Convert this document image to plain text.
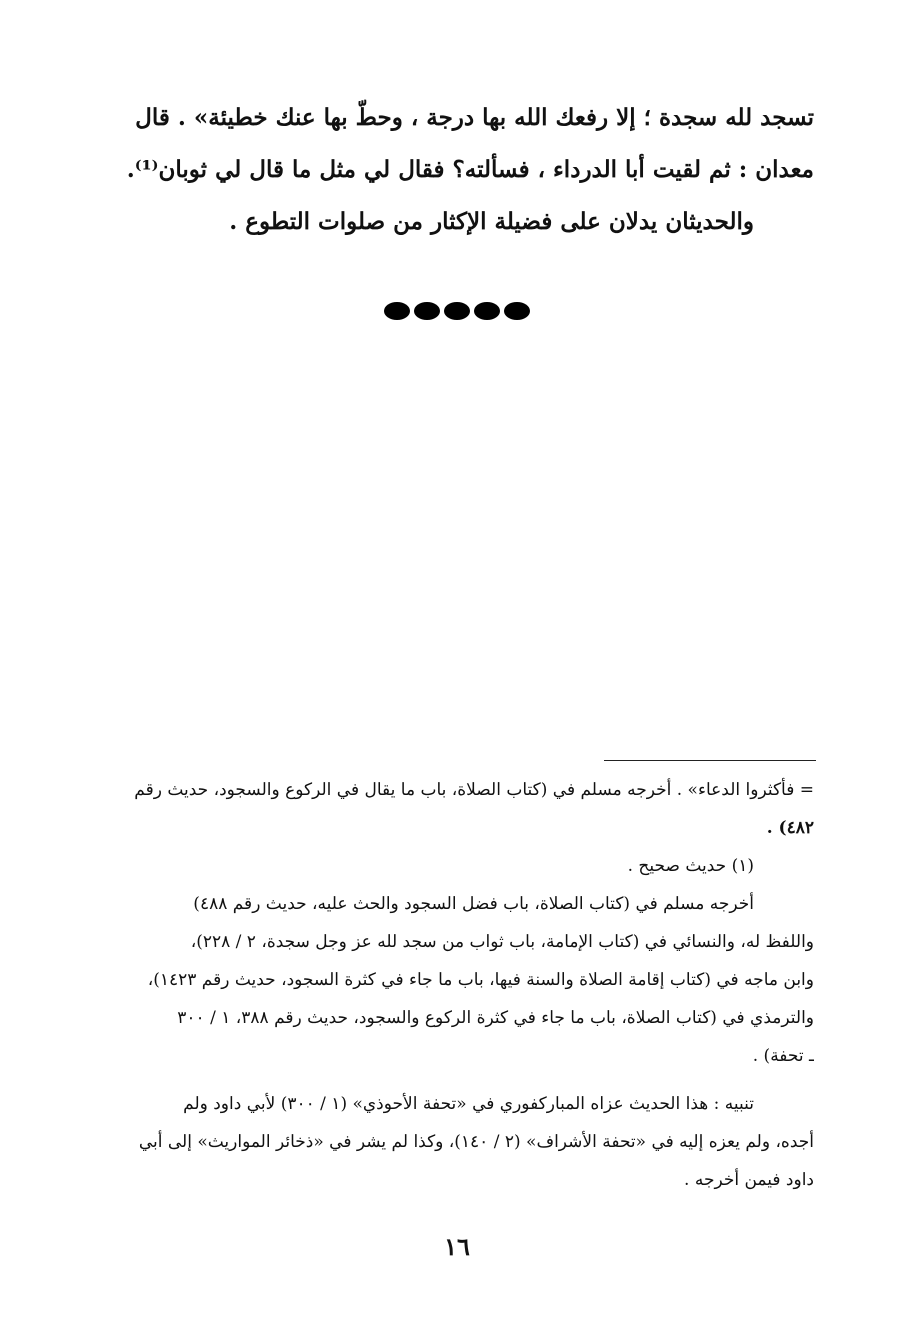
تسجد لله سجدة ؛ إلا رفعك الله بها درجة ، وحطّ بها عنك خطيئة» . قال
معدان : ثم لقيت أبا الدرداء ، فسألته؟ فقال لي مثل ما قال لي ثوبان⁽¹⁾.
والحديثان يدلان على فضيلة الإكثار من صلوات التطوع .
= فأكثروا الدعاء» . أخرجه مسلم في (كتاب الصلاة، باب ما يقال في الركوع والسجود، حديث رقم
٤٨٢) .
(١) حديث صحيح .
أخرجه مسلم في (كتاب الصلاة، باب فضل السجود والحث عليه، حديث رقم ٤٨٨)
واللفظ له، والنسائي في (كتاب الإمامة، باب ثواب من سجد لله عز وجل سجدة، ٢ / ٢٢٨)،
وابن ماجه في (كتاب إقامة الصلاة والسنة فيها، باب ما جاء في كثرة السجود، حديث رقم ١٤٢٣)،
والترمذي في (كتاب الصلاة، باب ما جاء في كثرة الركوع والسجود، حديث رقم ٣٨٨، ١ / ٣٠٠
ـ تحفة) .
تنبيه : هذا الحديث عزاه المباركفوري في «تحفة الأحوذي» (١ / ٣٠٠) لأبي داود ولم
أجده، ولم يعزه إليه في «تحفة الأشراف» (٢ / ١٤٠)، وكذا لم يشر في «ذخائر المواريث» إلى أبي
داود فيمن أخرجه .
١٦
